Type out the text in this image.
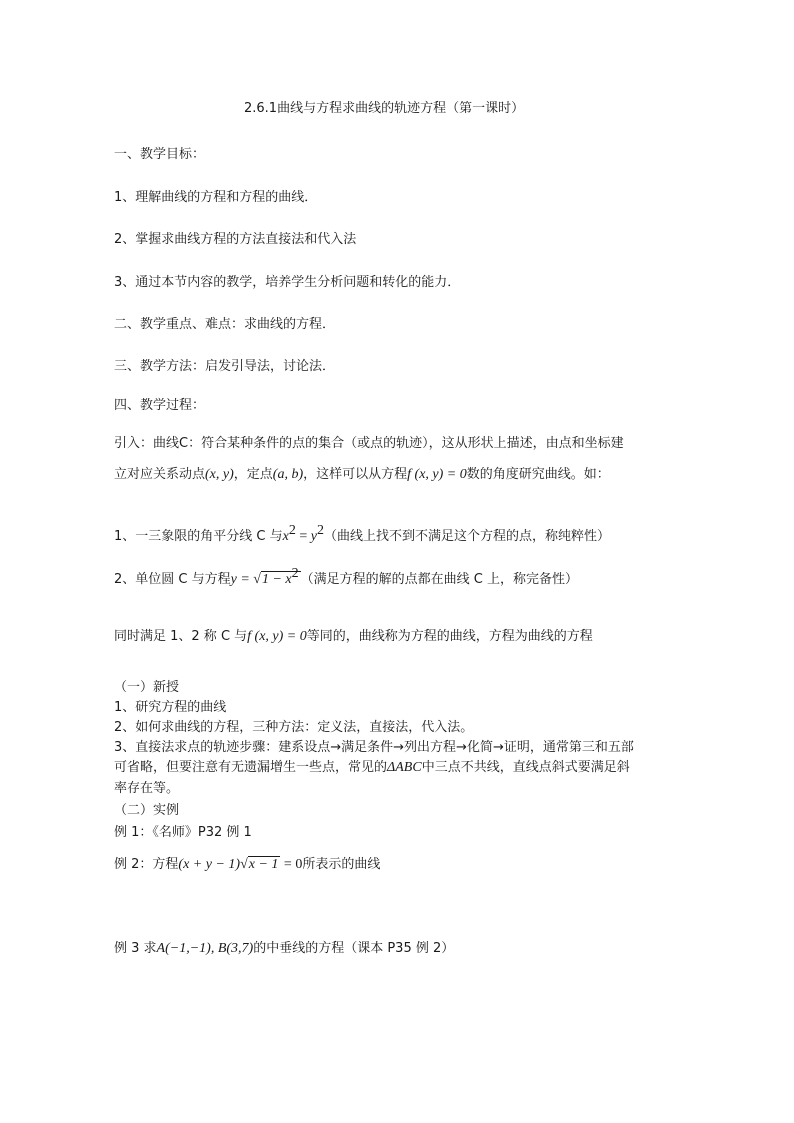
2.6.1曲线与方程求曲线的轨迹方程（第一课时）
一、教学目标：
1、理解曲线的方程和方程的曲线．
2、掌握求曲线方程的方法直接法和代入法
3、通过本节内容的教学，培养学生分析问题和转化的能力．
二、教学重点、难点：求曲线的方程．
三、教学方法：启发引导法，讨论法．
四、教学过程：
引入：曲线C：符合某种条件的点的集合（或点的轨迹），这从形状上描述，由点和坐标建
立对应关系动点(x, y)，定点(a, b)，这样可以从方程f (x, y) = 0数的角度研究曲线。如：
1、一三象限的角平分线 C 与$x^2 = y^2$（曲线上找不到不满足这个方程的点，称纯粹性）
2、单位圆 C 与方程$y = √1 - x^2$ （满足方程的解的点都在曲线 C 上，称完备性）
同时满足 1、2 称 C 与f (x, y) = 0等同的，曲线称为方程的曲线，方程为曲线的方程
（一）新授
1、研究方程的曲线
2、如何求曲线的方程，三种方法：定义法，直接法，代入法。
3、直接法求点的轨迹步骤：建系设点→满足条件→列出方程→化简→证明，通常第三和五部
可省略，但要注意有无遗漏增生一些点，常见的ΔABC中三点不共线，直线点斜式要满足斜
率存在等。
（二）实例
例 1：《名师》P32 例 1
例 2：方程(x + y − 1)√x − 1 = 0所表示的曲线
例 3 求A(−1,−1), B(3,7)的中垂线的方程（课本 P35 例 2）
